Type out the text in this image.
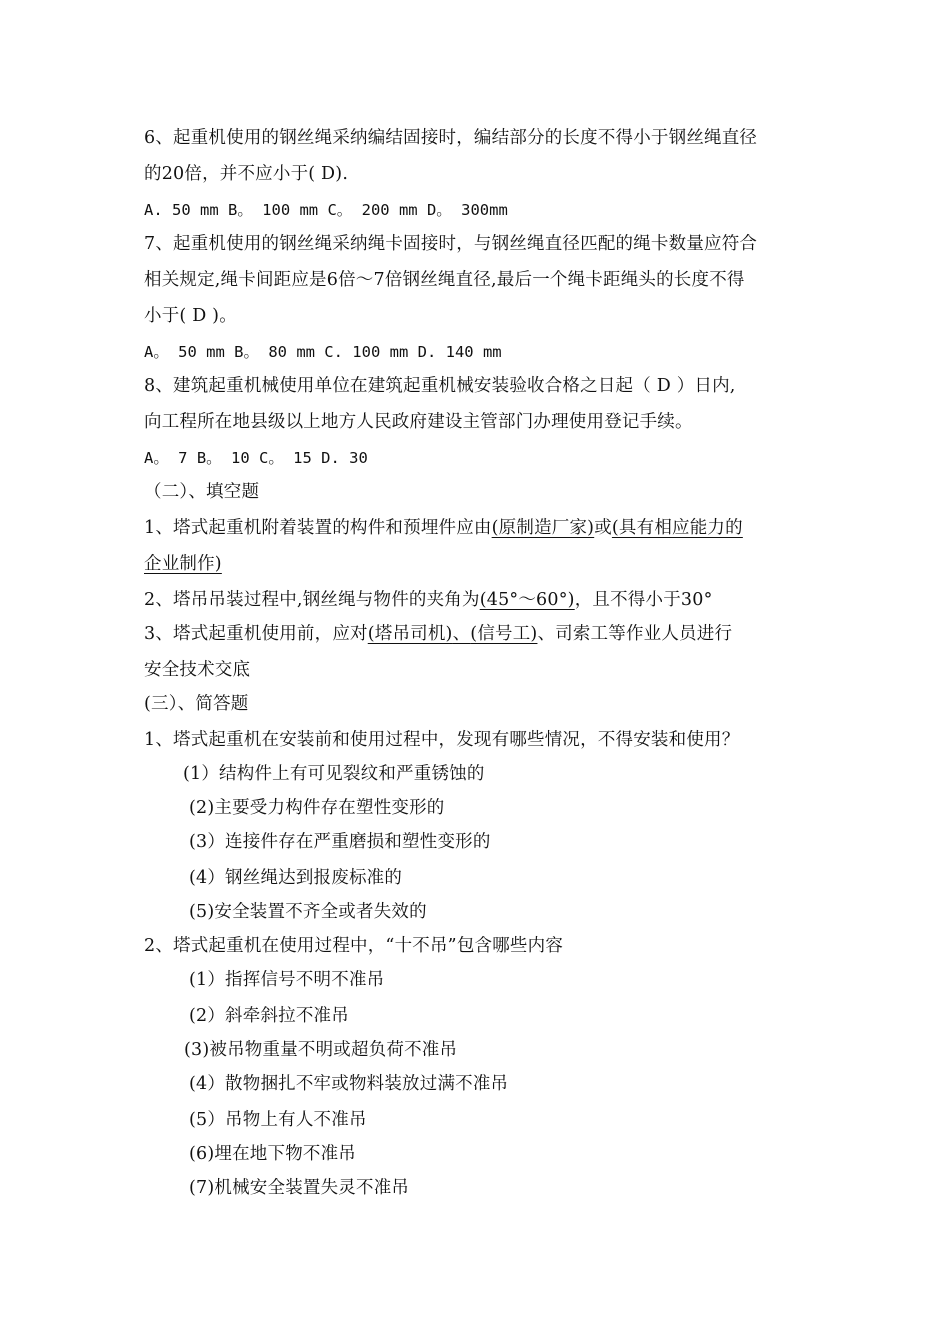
6、起重机使用的钢丝绳采纳编结固接时，编结部分的长度不得小于钢丝绳直径
的20倍，并不应小于( D).
A. 50 mm B。 100 mm C。 200 mm D。 300mm
7、起重机使用的钢丝绳采纳绳卡固接时，与钢丝绳直径匹配的绳卡数量应符合
相关规定,绳卡间距应是6倍～7倍钢丝绳直径,最后一个绳卡距绳头的长度不得
小于( D )。
A。 50 mm B。 80 mm C. 100 mm D. 140 mm
8、建筑起重机械使用单位在建筑起重机械安装验收合格之日起（ D ）日内,
向工程所在地县级以上地方人民政府建设主管部门办理使用登记手续。
A。 7 B。 10 C。 15 D. 30
（二）、填空题
1、塔式起重机附着装置的构件和预埋件应由(原制造厂家)或(具有相应能力的
企业制作)
2、塔吊吊装过程中,钢丝绳与物件的夹角为(45°～60°)，且不得小于30°
3、塔式起重机使用前，应对(塔吊司机)、(信号工)、司索工等作业人员进行
安全技术交底
(三）、简答题
1、塔式起重机在安装前和使用过程中，发现有哪些情况，不得安装和使用？
(1）结构件上有可见裂纹和严重锈蚀的
(2)主要受力构件存在塑性变形的
(3）连接件存在严重磨损和塑性变形的
(4）钢丝绳达到报废标准的
(5)安全装置不齐全或者失效的
2、塔式起重机在使用过程中，“十不吊”包含哪些内容
(1）指挥信号不明不准吊
(2）斜牵斜拉不准吊
(3)被吊物重量不明或超负荷不准吊
(4）散物捆扎不牢或物料装放过满不准吊
(5）吊物上有人不准吊
(6)埋在地下物不准吊
(7)机械安全装置失灵不准吊
